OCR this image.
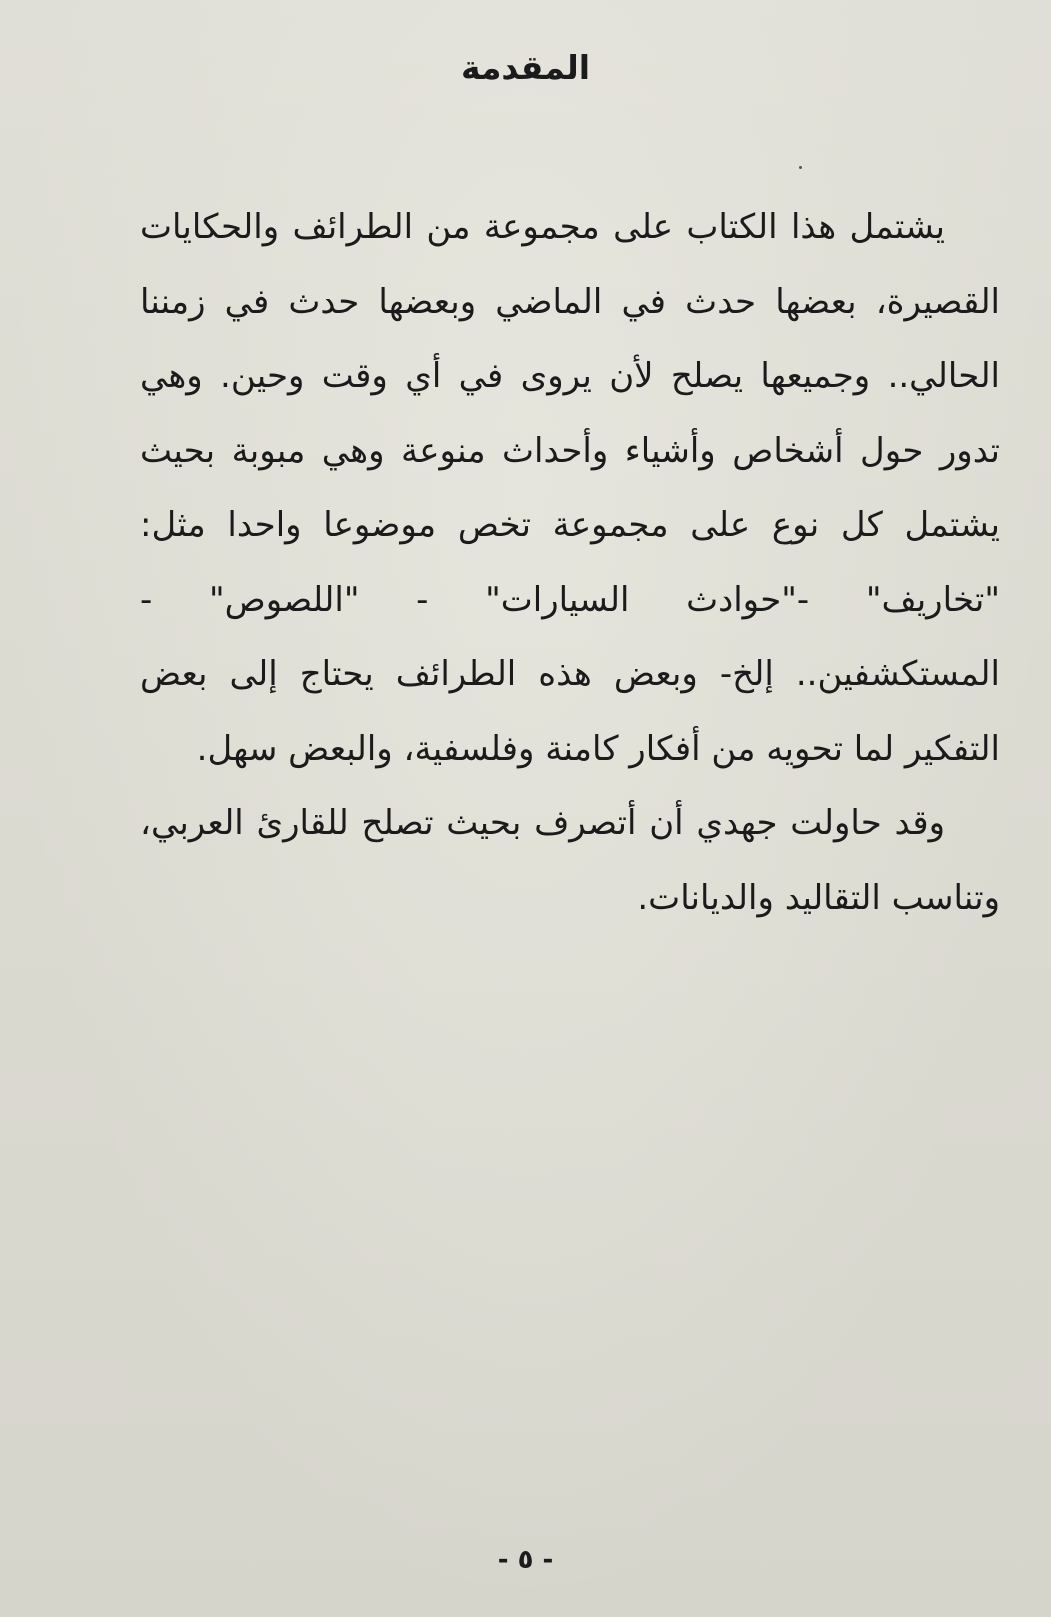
المقدمة
يشتمل هذا الكتاب على مجموعة من الطرائف والحكايات
القصيرة، بعضها حدث في الماضي وبعضها حدث في زمننا
الحالي.. وجميعها يصلح لأن يروى في أي وقت وحين. وهي
تدور حول أشخاص وأشياء وأحداث منوعة وهي مبوبة بحيث
يشتمل كل نوع على مجموعة تخص موضوعا واحدا مثل:
"تخاريف" -"حوادث السيارات" - "اللصوص" -
المستكشفين.. إلخ- وبعض هذه الطرائف يحتاج إلى بعض
التفكير لما تحويه من أفكار كامنة وفلسفية، والبعض سهل.
وقد حاولت جهدي أن أتصرف بحيث تصلح للقارئ العربي،
وتناسب التقاليد والديانات.
- ٥ -
